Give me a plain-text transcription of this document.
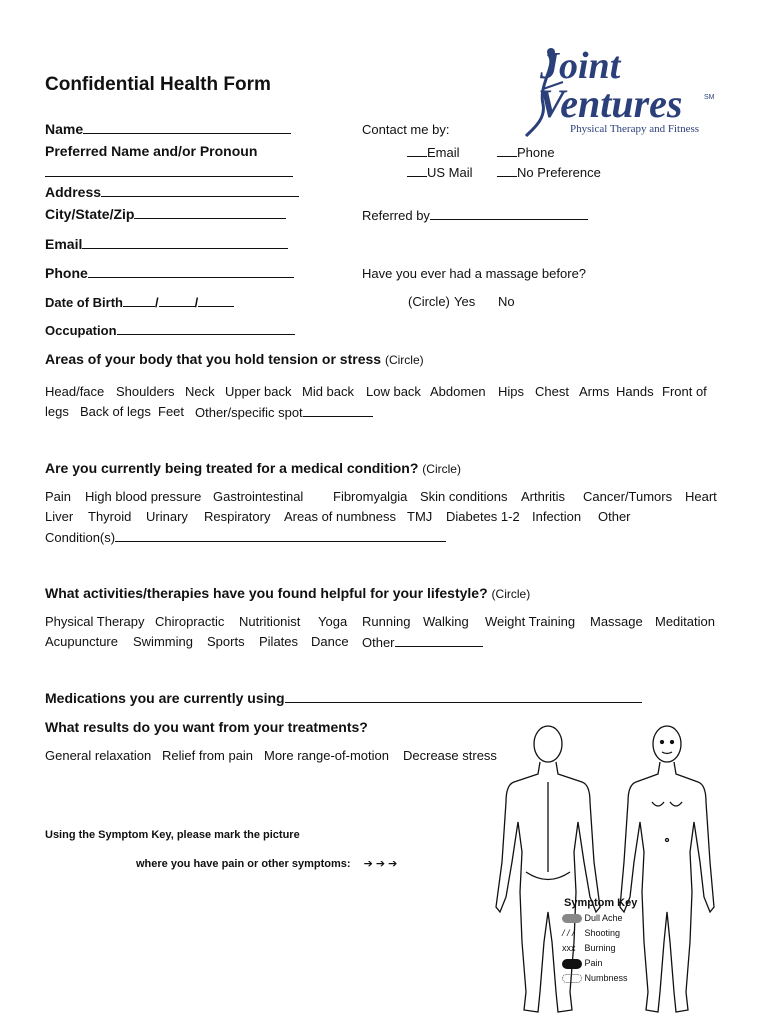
Confidential Health Form	Joint
Ventures	SM
Physical Therapy and Fitness
Name
Preferred Name and/or Pronoun
Address
City/State/Zip
Email
Phone
Date of Birth /	/
Occupation
Contact me by:
Email	Phone
US Mail	No Preference
Referred by
Have you ever had a massage before?
(Circle) Yes No
Areas of your body that you hold tension or stress (Circle)
Head/face Shoulders Neck Upper back Mid back Low back Abdomen Hips Chest Arms Hands Front of
legs Back of legs Feet Other/specific spot
Are you currently being treated for a medical condition? (Circle)
Pain High blood pressure Gastrointestinal Fibromyalgia Skin conditions Arthritis Cancer/Tumors Heart
Liver Thyroid Urinary Respiratory Areas of numbness TMJ Diabetes 1-2 Infection Other
Condition(s)
What activities/therapies have you found helpful for your lifestyle? (Circle)
Physical Therapy Chiropractic Nutritionist Yoga Running Walking Weight Training Massage Meditation
Acupuncture Swimming Sports Pilates Dance Other
Medications you are currently using
What results do you want from your treatments?
General relaxation Relief from pain More range-of-motion Decrease stress
Using the Symptom Key, please mark the picture
where you have pain or other symptoms: ➔ ➔ ➔
Symptom Key
Dull Ache
/ / / Shooting
xxx Burning
Pain
Numbness
